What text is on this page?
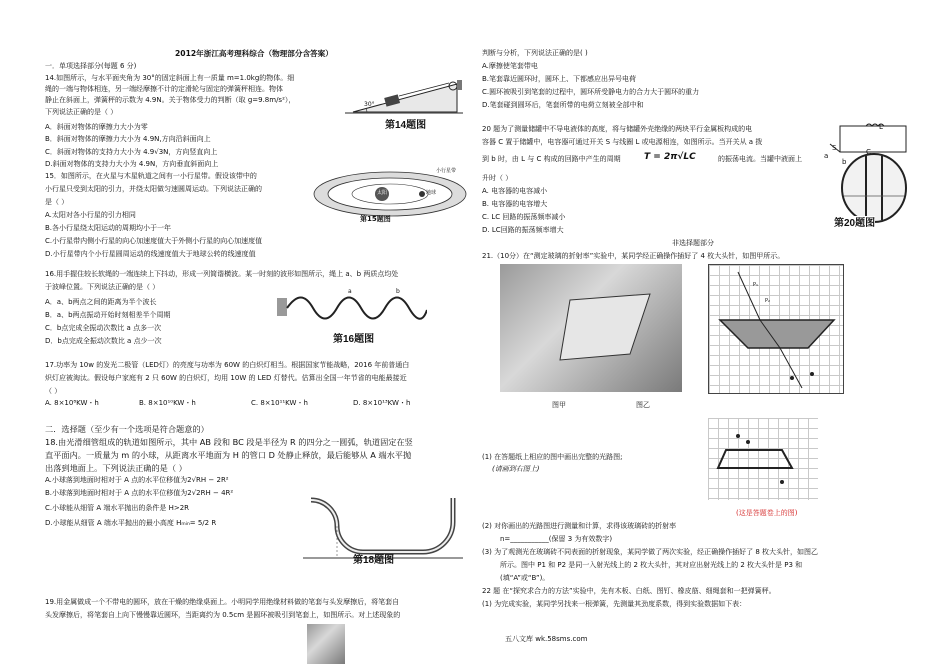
2012年浙江高考理科综合（物理部分含答案）
一．单项选择部分(每题 6 分)
14.如图所示，与水平面夹角为 30°的固定斜面上有一质量 m=1.0kg的物体。细
绳的一端与物体相连，另一端经摩擦不计的定滑轮与固定的弹簧秤相连。物体
静止在斜面上，弹簧秤的示数为 4.9N。关于物体受力的判断（取 g=9.8m/s²），
下列说法正确的是（ ）
A．斜面对物体的摩擦力大小为零
B．斜面对物体的摩擦力大小为 4.9N,方向沿斜面向上
C．斜面对物体的支持力大小为 4.9√3N，方向竖直向上
D.斜面对物体的支持力大小为 4.9N，方向垂直斜面向上
30°
第14题图
15．如图所示，在火星与木星轨道之间有一小行星带。假设该带中的
小行星只受到太阳的引力，并绕太阳做匀速圆周运动。下列说法正确的
是（ ）
A.太阳对各小行星的引力相同
B.各小行星绕太阳运动的周期均小于一年
C.小行星带内侧小行星的向心加速度值大于外侧小行星的向心加速度值
D.小行星带内个小行星圆周运动的线速度值大于地球公转的线速度值
小行星带
太阳	地球
第15题图
16.用手握住较长软绳的一端连续上下抖动，形成一列简谐横波。某一时刻的波形如图所示，绳上 a、b 两质点均处
于波峰位置。下列说法正确的是（ ）
A．a、b两点之间的距离为半个波长
B．a、b两点振动开始时刻相差半个周期
C．b点完成全振动次数比 a 点多一次
D．b点完成全振动次数比 a 点少一次
a	b
第16题图
17.功率为 10w 的发光二极管（LED灯）的亮度与功率为 60W 的白炽灯相当。根据国家节能战略，2016 年前普通白
炽灯应被淘汰。假设每户家庭有 2 只 60W 的白炽灯，均用 10W 的 LED 灯替代。估算出全国一年节省的电能最接近
（ ）
A. 8×10⁸KW・h	B. 8×10¹⁰KW・h	C. 8×10¹¹KW・h	D. 8×10¹³KW・h
二．选择题（至少有一个选项是符合题意的）
18.由光滑细管组成的轨道如图所示，其中 AB 段和 BC 段是半径为 R 的四分之一圆弧，轨道固定在竖
直平面内。一质量为 m 的小球，从距离水平地面为 H 的管口 D 处静止释放，最后能够从 A 端水平抛
出落到地面上。下列说法正确的是（ ）
A.小球落到地面时相对于 A 点的水平位移值为2√RH − 2R²
B.小球落到地面时相对于 A 点的水平位移值为2√2RH − 4R²
C.小球能从细管 A 端水平抛出的条件是 H>2R
D.小球能从细管 A 端水平抛出的最小高度 Hₘᵢₙ= 5/2 R
第18题图
19.用金属做成一个不带电的圆环，放在干燥的绝缘桌面上。小明同学用绝缘材料做的笔套与头发摩擦后，将笔套自
头发摩擦后，将笔套自上向下慢慢靠近圆环，当距离约为 0.5cm 是圆环被吸引到笔套上，如图所示。对上述现象的
判断与分析，下列说法正确的是( )
A.摩擦使笔套带电
B.笔套靠近圆环时，圆环上、下都感应出异号电荷
C.圆环被吸引到笔套的过程中，圆环所受静电力的合力大于圆环的重力
D.笔套碰到圆环后，笔套所带的电荷立刻被全部中和
20 题为了测量储罐中不导电液体的高度，将与储罐外壳绝缘的两块平行金属板构成的电
容器 C 置于储罐中，电容器可通过开关 S 与线圈 L 或电源相连，如图所示。当开关从 a 拨
到 b 时，由 L 与 C 构成的回路中产生的周期	T = 2π√LC	的振荡电流。当罐中液面上
升时（ ）
A. 电容器的电容减小
B. 电容器的电容增大
C. LC 回路的振荡频率减小
D. LC回路的振荡频率增大
L
a
S
b
C
第20题图
非选择题部分
21.（10分）在“测定玻璃的折射率”实验中，某同学经正确操作插好了 4 枚大头针，如图甲所示。
P₁
P₂
图甲	图乙
(1) 在答题纸上相应的图中画出完整的光路图;
(请画到右图上)
(这是答题卷上的图)
(2) 对你画出的光路图进行测量和计算，求得该玻璃砖的折射率
n=___________(保留 3 为有效数字)
(3) 为了观测光在玻璃砖不同表面的折射现象，某同学做了两次实验，经正确操作插好了 8 枚大头针，如图乙
所示。图中 P1 和 P2 是同一入射光线上的 2 枚大头针，其对应出射光线上的 2 枚大头针是 P3 和
(填“A”或“B”)。
22 题 在“探究求合力的方法”实验中，先有木板、白纸、图钉、橡皮筋、细绳套和一把弹簧秤。
(1) 为完成实验，某同学另找来一根弹簧，先测量其劲度系数，得到实验数据如下表：
五八文库 wk.58sms.com
